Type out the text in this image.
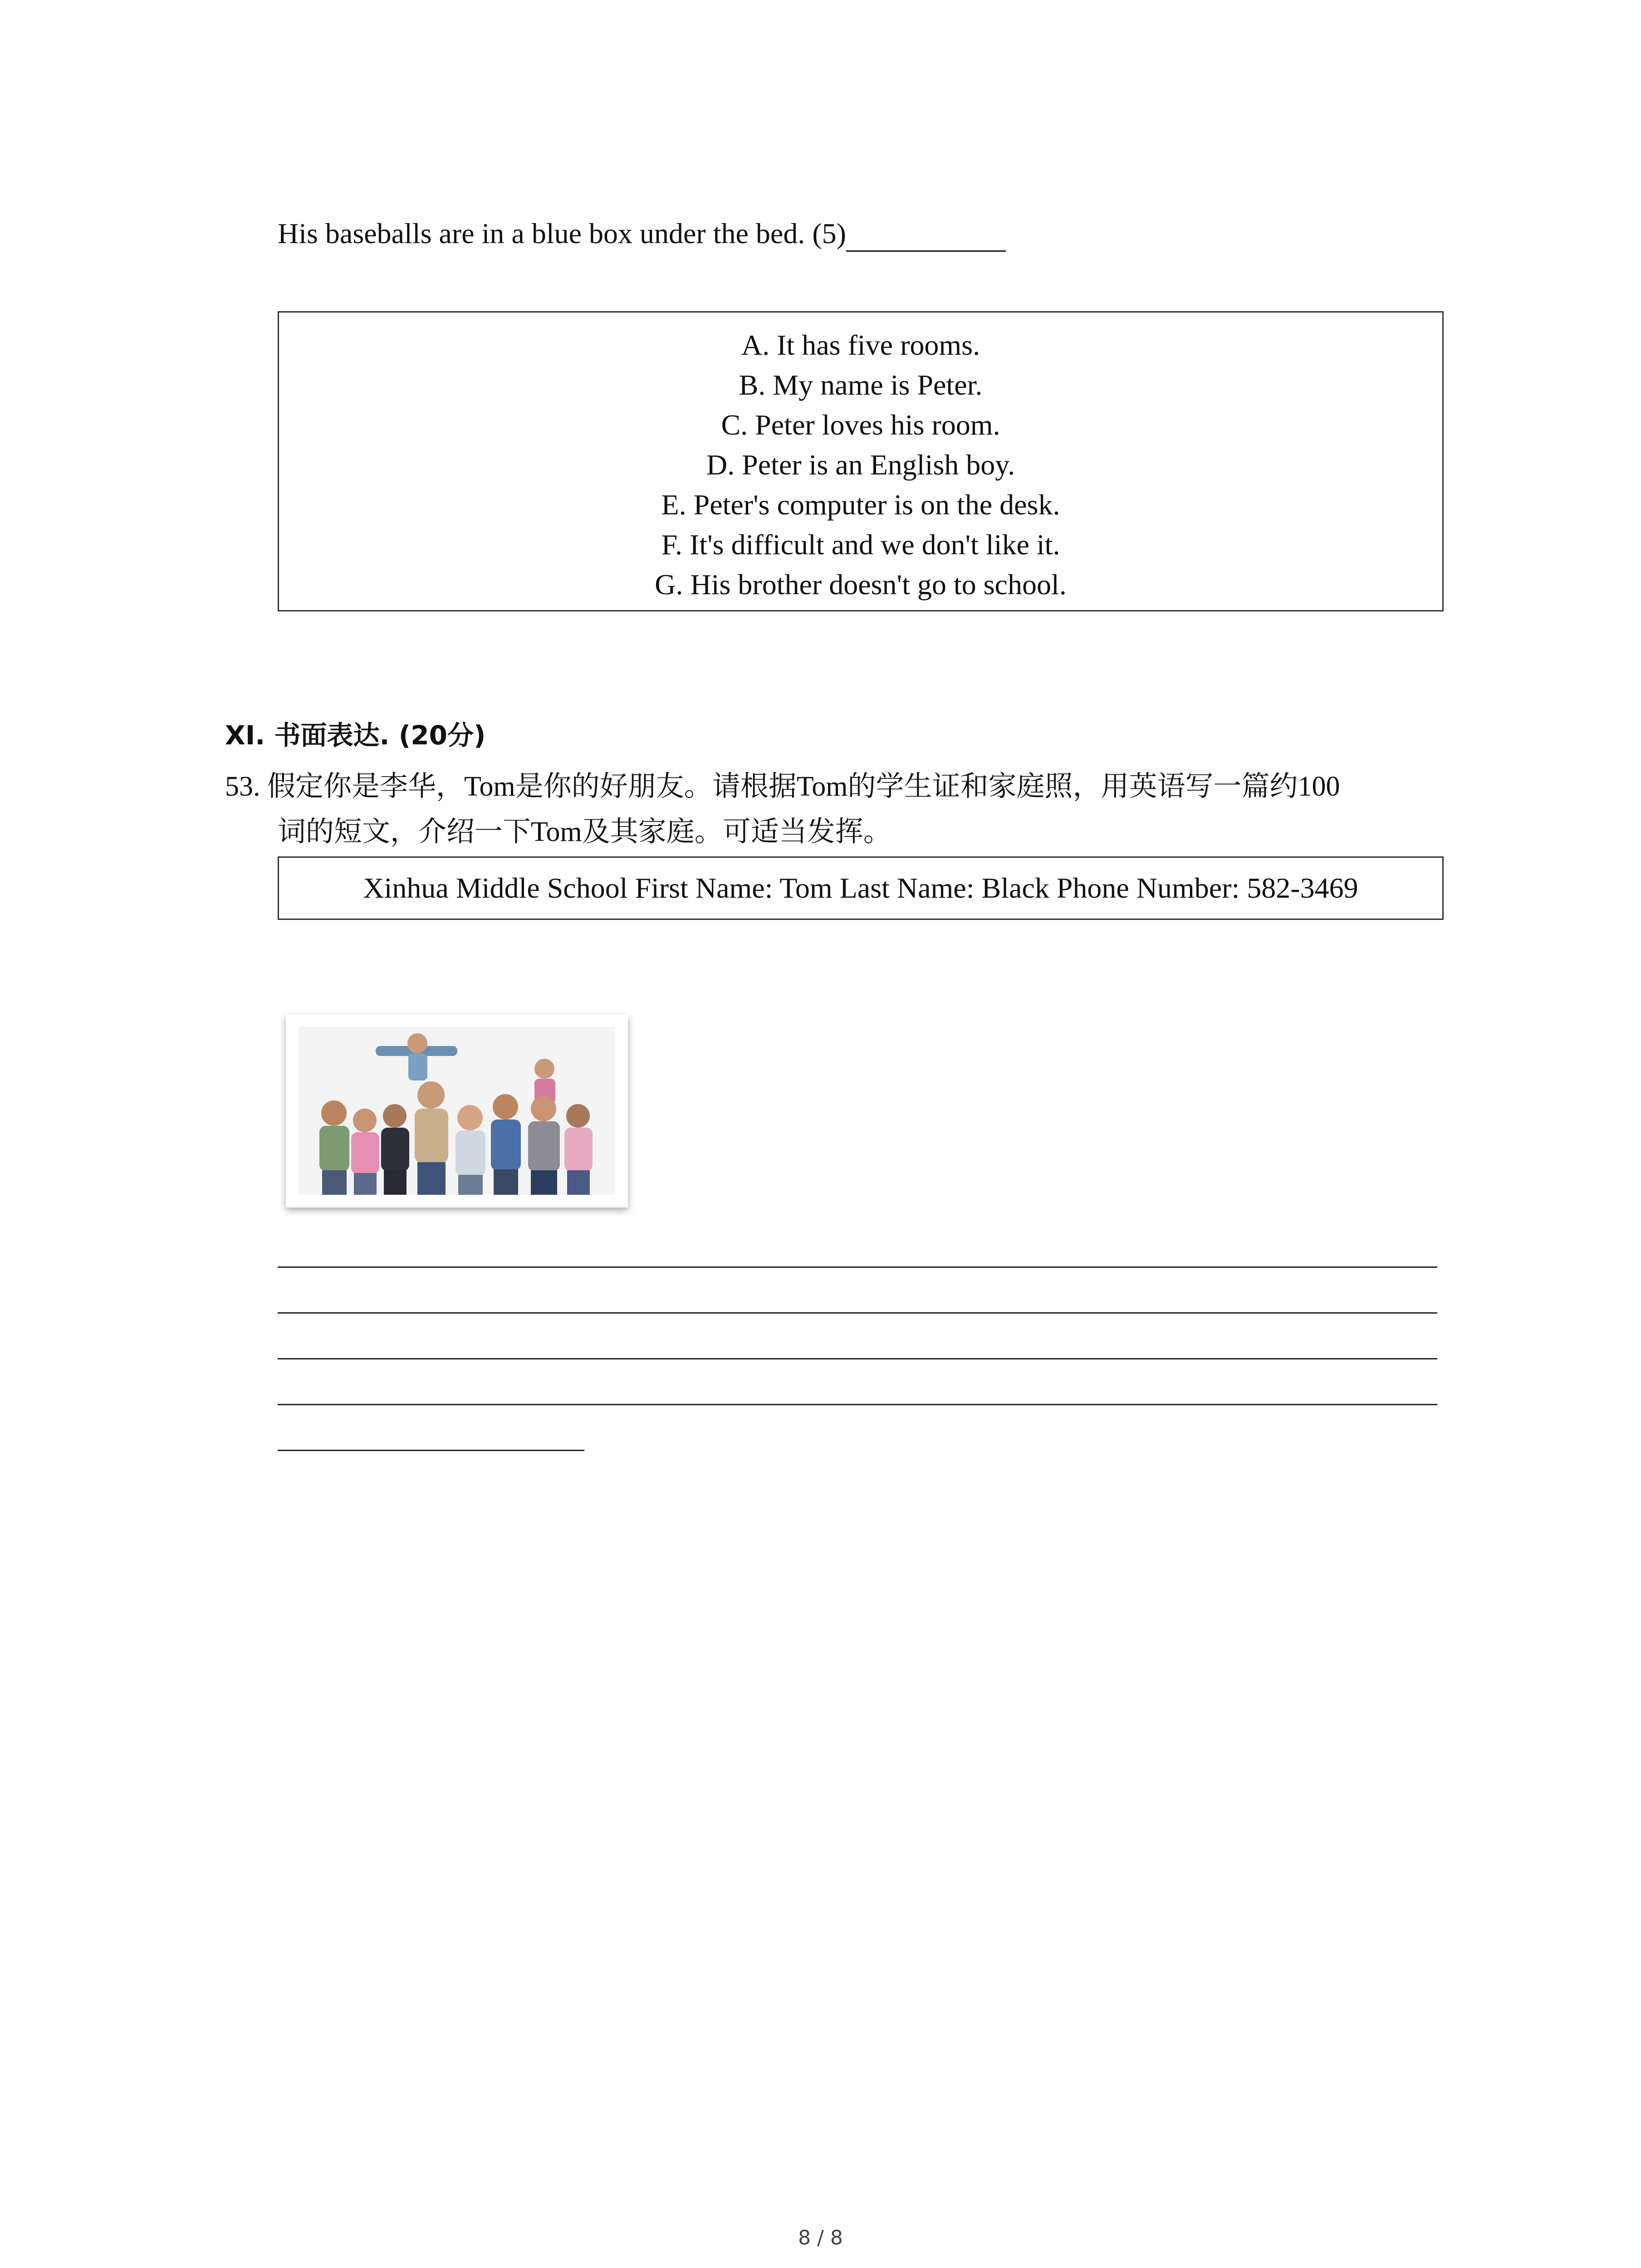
His baseballs are in a blue box under the bed. (5)
A. It has five rooms.
B. My name is Peter.
C. Peter loves his room.
D. Peter is an English boy.
E. Peter's computer is on the desk.
F. It's difficult and we don't like it.
G. His brother doesn't go to school.
XI. 书面表达. (20分)
53. 假定你是李华，Tom是你的好朋友。请根据Tom的学生证和家庭照，用英语写一篇约100
词的短文，介绍一下Tom及其家庭。可适当发挥。
Xinhua Middle School First Name: Tom Last Name: Black Phone Number: 582-3469
8 / 8
